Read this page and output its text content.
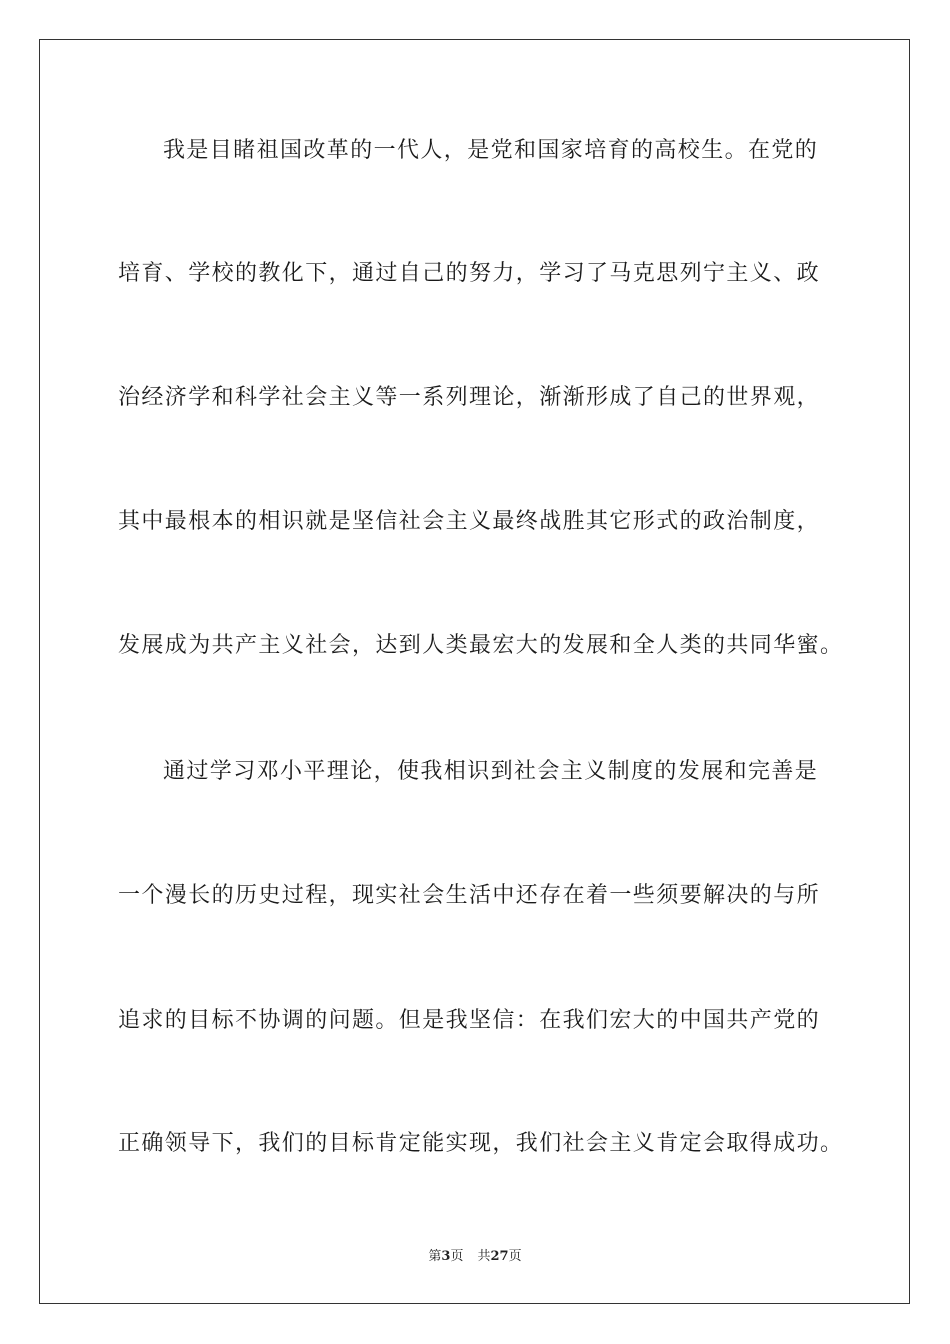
我是目睹祖国改革的一代人，是党和国家培育的高校生。在党的
培育、学校的教化下，通过自己的努力，学习了马克思列宁主义、政
治经济学和科学社会主义等一系列理论，渐渐形成了自己的世界观，
其中最根本的相识就是坚信社会主义最终战胜其它形式的政治制度，
发展成为共产主义社会，达到人类最宏大的发展和全人类的共同华蜜。
通过学习邓小平理论，使我相识到社会主义制度的发展和完善是
一个漫长的历史过程，现实社会生活中还存在着一些须要解决的与所
追求的目标不协调的问题。但是我坚信：在我们宏大的中国共产党的
正确领导下，我们的目标肯定能实现，我们社会主义肯定会取得成功。
第3页 共27页
